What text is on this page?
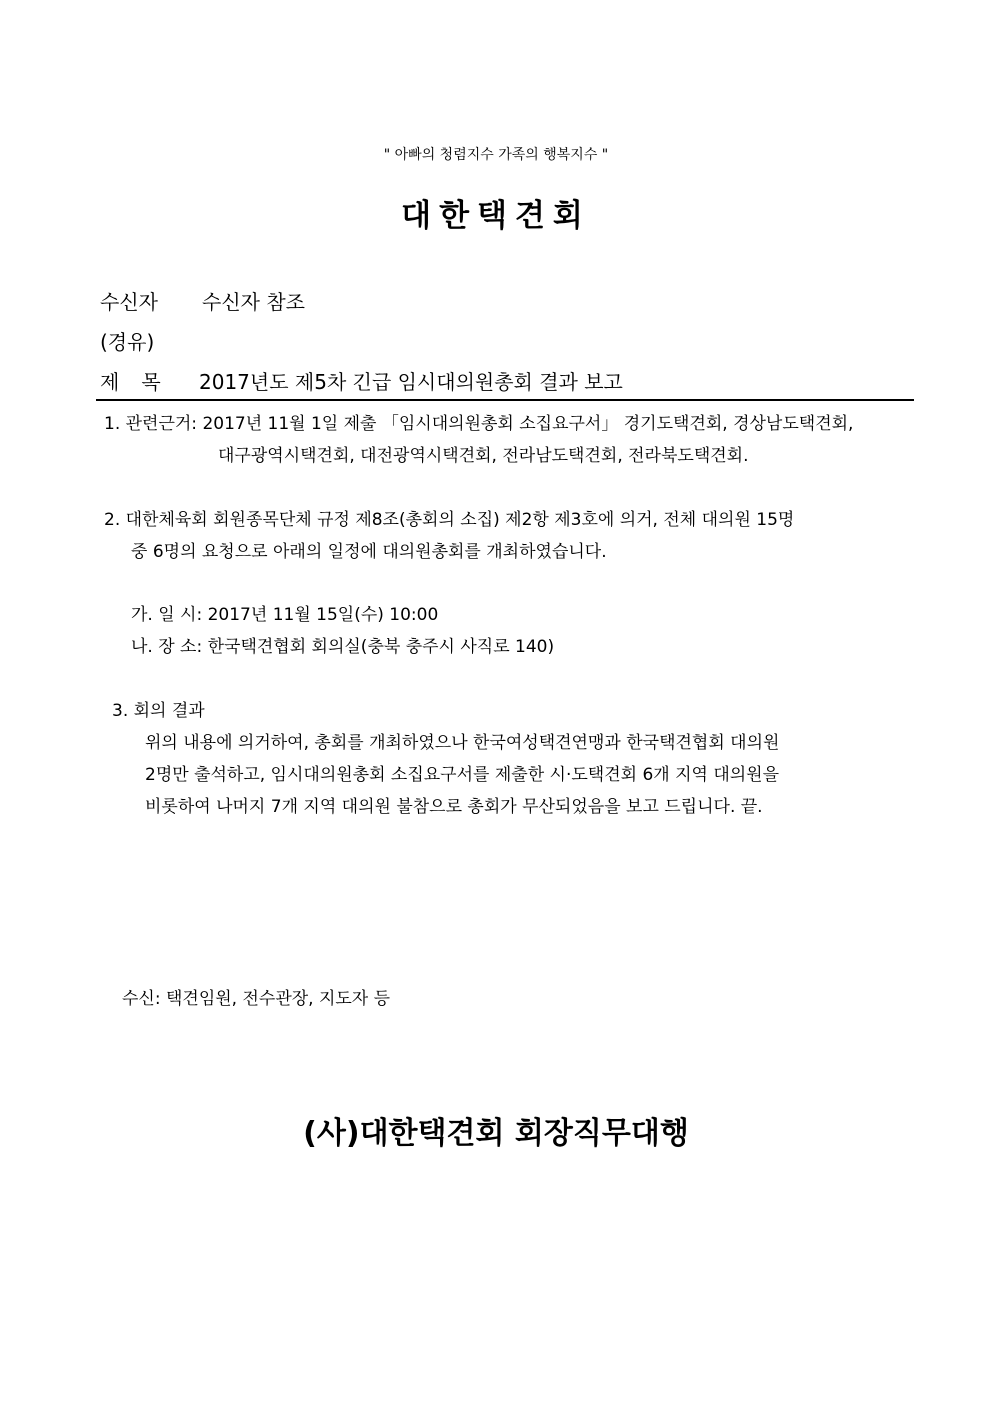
" 아빠의 청렴지수 가족의 행복지수 "
대한택견회
수신자 수신자 참조
(경유)
제목 2017년도 제5차 긴급 임시대의원총회 결과 보고
1. 관련근거: 2017년 11월 1일 제출 「임시대의원총회 소집요구서」 경기도택견회, 경상남도택견회,
대구광역시택견회, 대전광역시택견회, 전라남도택견회, 전라북도택견회.
2. 대한체육회 회원종목단체 규정 제8조(총회의 소집) 제2항 제3호에 의거, 전체 대의원 15명
중 6명의 요청으로 아래의 일정에 대의원총회를 개최하였습니다.
가. 일 시: 2017년 11월 15일(수) 10:00
나. 장 소: 한국택견협회 회의실(충북 충주시 사직로 140)
3. 회의 결과
위의 내용에 의거하여, 총회를 개최하였으나 한국여성택견연맹과 한국택견협회 대의원
2명만 출석하고, 임시대의원총회 소집요구서를 제출한 시·도택견회 6개 지역 대의원을
비롯하여 나머지 7개 지역 대의원 불참으로 총회가 무산되었음을 보고 드립니다. 끝.
수신: 택견임원, 전수관장, 지도자 등
(사)대한택견회 회장직무대행
